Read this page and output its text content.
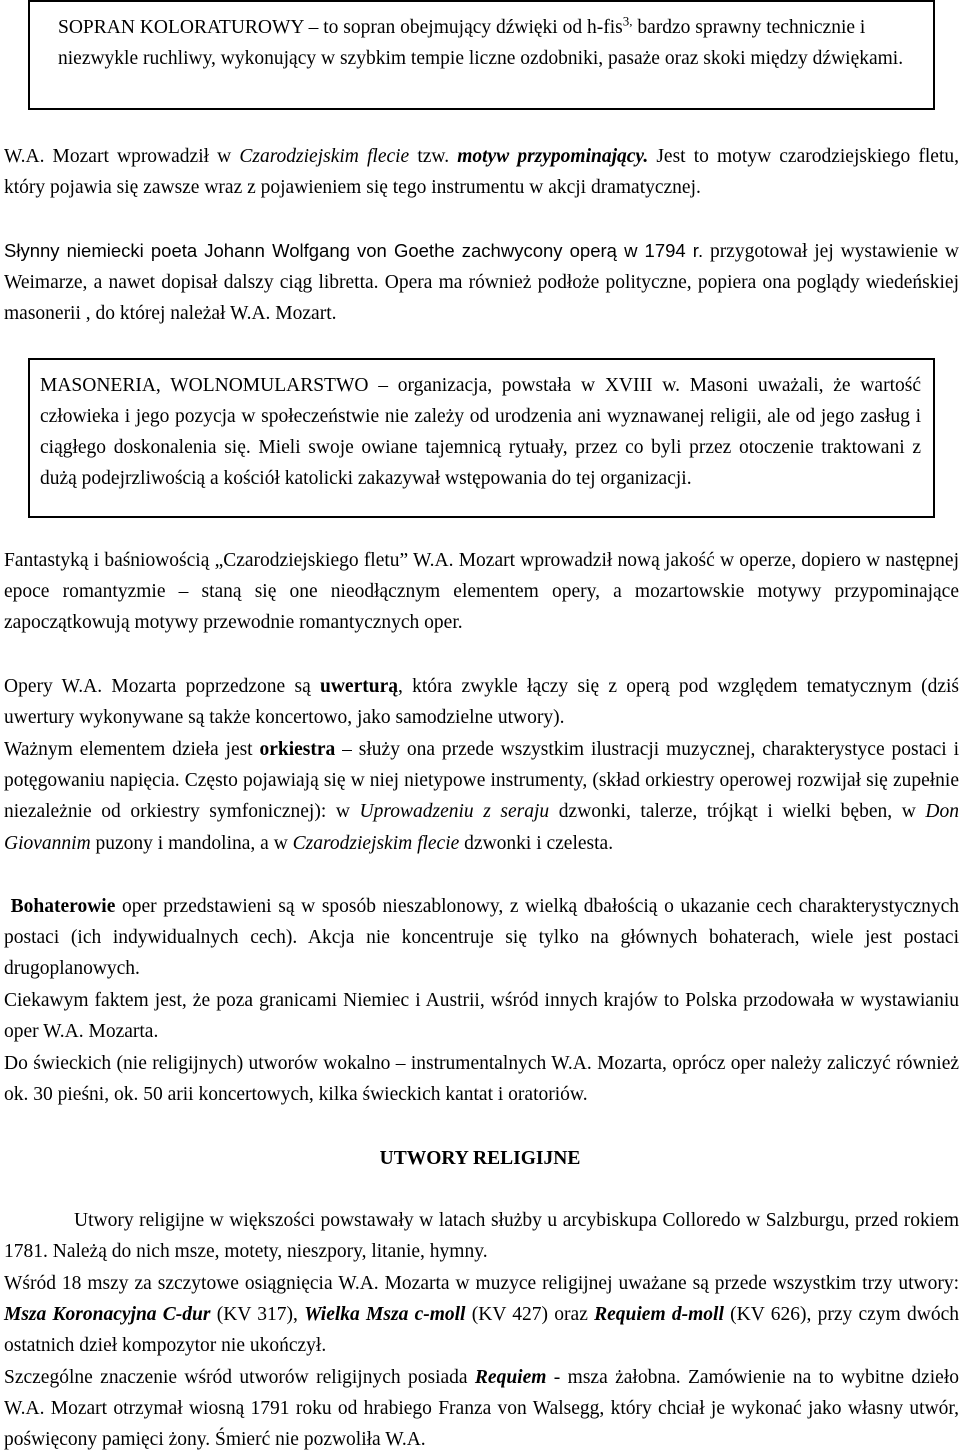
SOPRAN KOLORATUROWY – to sopran obejmujący dźwięki od h-fis$^{3,}$ bardzo sprawny technicznie i niezwykle ruchliwy, wykonujący w szybkim tempie liczne ozdobniki, pasaże oraz skoki między dźwiękami.
W.A. Mozart wprowadził w Czarodziejskim flecie tzw. motyw przypominający. Jest to motyw czarodziejskiego fletu, który pojawia się zawsze wraz z pojawieniem się tego instrumentu w akcji dramatycznej.
Słynny niemiecki poeta Johann Wolfgang von Goethe zachwycony operą w 1794 r. przygotował jej wystawienie w Weimarze, a nawet dopisał dalszy ciąg libretta. Opera ma również podłoże polityczne, popiera ona poglądy wiedeńskiej masonerii , do której należał W.A. Mozart.
MASONERIA, WOLNOMULARSTWO – organizacja, powstała w XVIII w. Masoni uważali, że wartość człowieka i jego pozycja w społeczeństwie nie zależy od urodzenia ani wyznawanej religii, ale od jego zasług i ciągłego doskonalenia się. Mieli swoje owiane tajemnicą rytuały, przez co byli przez otoczenie traktowani z dużą podejrzliwością a kościół katolicki zakazywał wstępowania do tej organizacji.
Fantastyką i baśniowością „Czarodziejskiego fletu” W.A. Mozart wprowadził nową jakość w operze, dopiero w następnej epoce romantyzmie – staną się one nieodłącznym elementem opery, a mozartowskie motywy przypominające zapoczątkowują motywy przewodnie romantycznych oper.
Opery W.A. Mozarta poprzedzone są uwerturą, która zwykle łączy się z operą pod względem tematycznym (dziś uwertury wykonywane są także koncertowo, jako samodzielne utwory).
Ważnym elementem dzieła jest orkiestra – służy ona przede wszystkim ilustracji muzycznej, charakterystyce postaci i potęgowaniu napięcia. Często pojawiają się w niej nietypowe instrumenty, (skład orkiestry operowej rozwijał się zupełnie niezależnie od orkiestry symfonicznej): w Uprowadzeniu z seraju dzwonki, talerze, trójkąt i wielki bęben, w Don Giovannim puzony i mandolina, a w Czarodziejskim flecie dzwonki i czelesta.
Bohaterowie oper przedstawieni są w sposób nieszablonowy, z wielką dbałością o ukazanie cech charakterystycznych postaci (ich indywidualnych cech). Akcja nie koncentruje się tylko na głównych bohaterach, wiele jest postaci drugoplanowych.
Ciekawym faktem jest, że poza granicami Niemiec i Austrii, wśród innych krajów to Polska przodowała w wystawianiu oper W.A. Mozarta.
Do świeckich (nie religijnych) utworów wokalno – instrumentalnych W.A. Mozarta, oprócz oper należy zaliczyć również ok. 30 pieśni, ok. 50 arii koncertowych, kilka świeckich kantat i oratoriów.
UTWORY RELIGIJNE
Utwory religijne w większości powstawały w latach służby u arcybiskupa Colloredo w Salzburgu, przed rokiem 1781. Należą do nich msze, motety, nieszpory, litanie, hymny.
Wśród 18 mszy za szczytowe osiągnięcia W.A. Mozarta w muzyce religijnej uważane są przede wszystkim trzy utwory: Msza Koronacyjna C-dur (KV 317), Wielka Msza c-moll (KV 427) oraz Requiem d-moll (KV 626), przy czym dwóch ostatnich dzieł kompozytor nie ukończył.
Szczególne znaczenie wśród utworów religijnych posiada Requiem - msza żałobna. Zamówienie na to wybitne dzieło W.A. Mozart otrzymał wiosną 1791 roku od hrabiego Franza von Walsegg, który chciał je wykonać jako własny utwór, poświęcony pamięci żony. Śmierć nie pozwoliła W.A.
